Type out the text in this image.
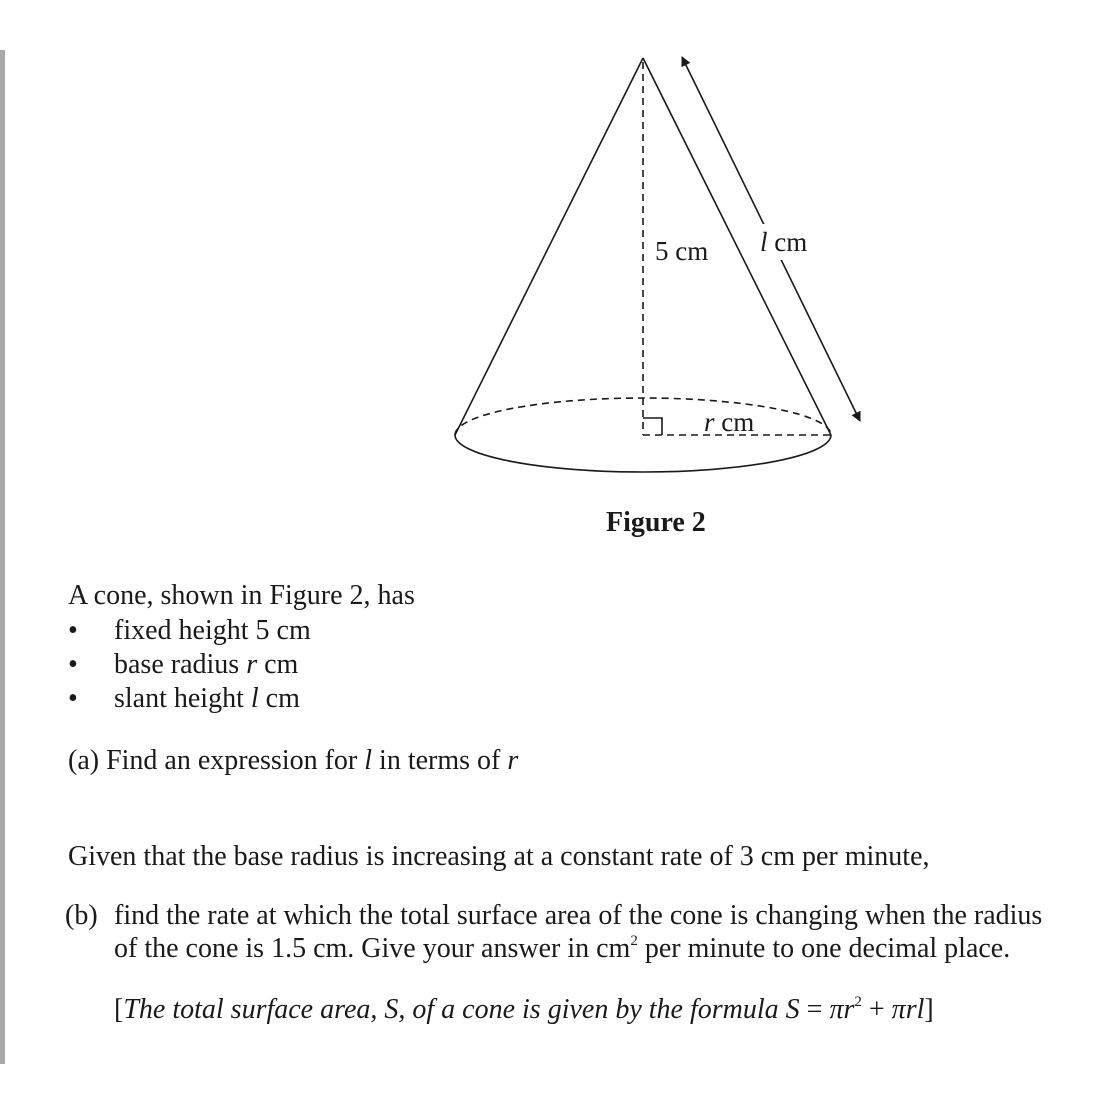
5 cm l cm
r cm
Figure 2
A cone, shown in Figure 2, has
• fixed height 5 cm
• base radius r cm
• slant height l cm
(a) Find an expression for l in terms of r
Given that the base radius is increasing at a constant rate of 3 cm per minute,
(b) find the rate at which the total surface area of the cone is changing when the radius
of the cone is 1.5 cm. Give your answer in $cm^2$ per minute to one decimal place.
[The total surface area, S, of a cone is given by the formula $S = \pi r^2 + \pi rl$]
